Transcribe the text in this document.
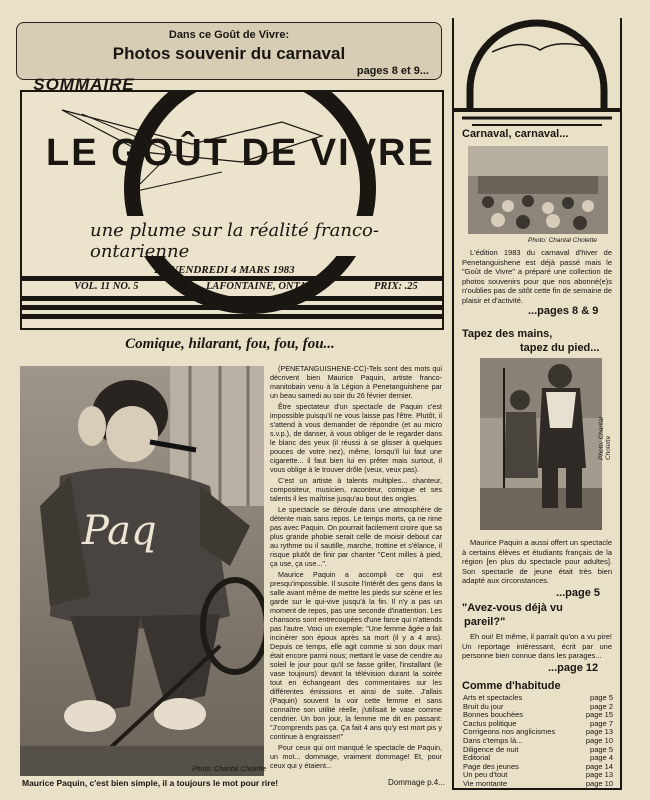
Dans ce Goût de Vivre:
Photos souvenir du carnaval
pages 8 et 9...
LE GOÛT DE VIVRE
une plume sur la réalité franco-ontarienne
LE VENDREDI 4 MARS 1983
VOL. 11 NO. 5	LAFONTAINE, ONTARIO	PRIX: .25
Comique, hilarant, fou, fou, fou...
Paq
Photo: Chantal Cholette
Maurice Paquin, c'est bien simple, il a toujours le mot pour rire!

(PENETANGUISHENE-CC)-Tels sont des mots qui décrivent bien Maurice Paquin, artiste franco-manitobain venu à la Légion à Penetanguishene par un beau samedi au soir du 26 février dernier.

Être spectateur d'un spectacle de Paquin c'est impossible puisqu'il ne vous laisse pas l'être. Plutôt, il s'attend à vous demander de répondre (et au micro s.v.p.), de danser, à vous obliger de le regarder dans le blanc des yeux (il réussi à se glisser à quelques pouces de votre nez), même, lorsqu'il lui faut une cigarette... il faut bien lui en prêter mais surtout, il vous oblige à le trouver drôle (veux, veux pas).

C'est un artiste à talents multiples... chanteur, compositeur, musicien, raconteur, comique et ses talents il les maîtrise jusqu'au bout des ongles.

Le spectacle se déroule dans une atmosphère de détente mais sans repos. Le temps morts, ça ne rime pas avec Paquin. On pourrait facilement croire que sa plus grande phobie serait celle de moisir debout car au rythme ou il sautille, marche, trottine et s'élance, il risque plutôt de finir par chanter "Cent milles à pied, ça use, ça use...".

Maurice Paquin a accompli ce qui est presqu'impossible. Il suscite l'intérêt des gens dans la salle avant même de mettre les pieds sur scène et les garde sur le qui-vive jusqu'à la fin. Il n'y a pas un moment de repos, pas une seconde d'inattention. Les chansons sont entrecoupées d'une farce qui n'attends pas l'autre. Voici un exemple: "Une femme âgée a fait incinérer son époux après sa mort (il y a 4 ans). Depuis ce temps, elle agit comme si son doux mari était encore parmi nous; mettant le vase de cendre au soleil le jour pour qu'il se fasse griller, l'installant (le vase toujours) devant la télévision durant la soirée tout en échangeant des commentaires sur les différentes émissions et ainsi de suite. J'allais (Paquin) souvent la voir cette femme et sans connaître son utilité réelle, j'utilisait le vase comme cendrier. Un bon jour, la femme me dit en passant: "J'comprends pas ça. Ça fait 4 ans qu'y est mort pis y continue à engraisser!"

Pour ceux qui ont manqué le spectacle de Paquin, un mot... dommage, vraiment dommage! Et, pour ceux qui y étaient...

Dommage p.4...
SOMMAIRE
Carnaval, carnaval...
Photo: Chantal Cholette
L'édition 1983 du carnaval d'hiver de Penetanguishene est déjà passé mais le "Goût de Vivre" a préparé une collection de photos souvenirs pour que nos abonné(e)s n'oublies pas de sitôt cette fin de semaine de plaisir et d'activité.
...pages 8 & 9
Tapez des mains,
tapez du pied...
Photo: Chantal Cholette
Maurice Paquin a aussi offert un spectacle à certains élèves et étudiants français de la région [en plus du spectacle pour adultes]. Son spectacle de jeune était très bien adapté aux circonstances.
...page 5
"Avez-vous déjà vu
pareil?"
Eh oui! Et même, il parraît qu'on a vu pire! Un reportage intéressant, écrit par une personne bien connue dans les parages...
...page 12
Comme d'habitude
Arts et spectacles	page 5
Bruit du jour	page 2
Bonnes bouchées	page 15
Cactus politique	page 7
Corrigeons nos anglicismes	page 13
Dans c'temps là...	page 10
Diligence de nuit	page 5
Editorial	page 4
Page des jeunes	page 14
Un peu d'tout	page 13
Vie montante	page 10
